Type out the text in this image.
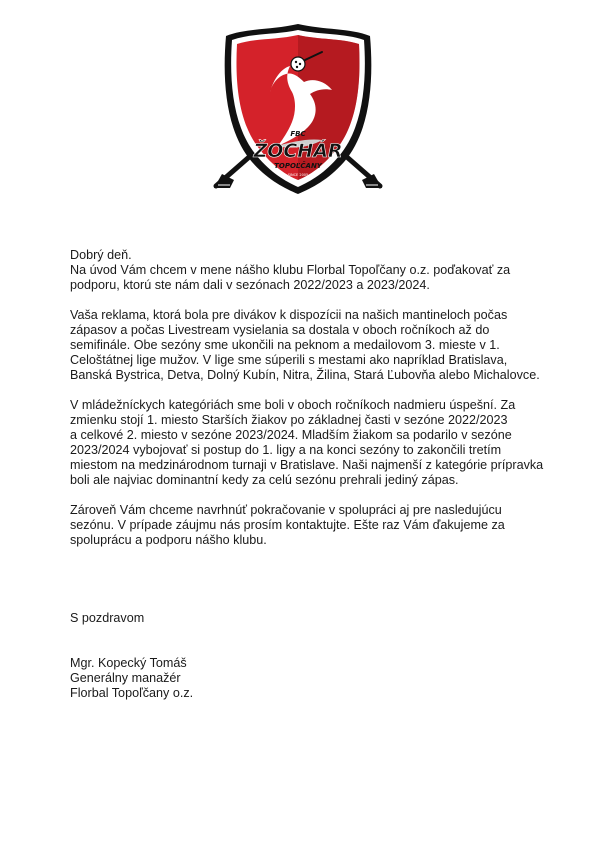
FBC
ŽOCHÁR
TOPOĽČANY
SINCE 2005

Dobrý deň.

Na úvod Vám chcem v mene nášho klubu Florbal Topoľčany o.z. poďakovať za

podporu, ktorú ste nám dali v sezónach 2022/2023 a 2023/2024.

Vaša reklama, ktorá bola pre divákov k dispozícii na našich mantineloch počas

zápasov a počas Livestream vysielania sa dostala v oboch ročníkoch až do

semifinále. Obe sezóny sme ukončili na peknom a medailovom 3. mieste v 1.

Celoštátnej lige mužov. V lige sme súperili s mestami ako napríklad Bratislava,

Banská Bystrica, Detva, Dolný Kubín, Nitra, Žilina, Stará Ľubovňa alebo Michalovce.

V mládežníckych kategóriách sme boli v oboch ročníkoch nadmieru úspešní. Za

zmienku stojí 1. miesto Starších žiakov po základnej časti v sezóne 2022/2023

a celkové 2. miesto v sezóne 2023/2024. Mladším žiakom sa podarilo v sezóne

2023/2024 vybojovať si postup do 1. ligy a na konci sezóny to zakončili tretím

miestom na medzinárodnom turnaji v Bratislave. Naši najmenší z kategórie prípravka

boli ale najviac dominantní kedy za celú sezónu prehrali jediný zápas.

Zároveň Vám chceme navrhnúť pokračovanie v spolupráci aj pre nasledujúcu

sezónu. V prípade záujmu nás prosím kontaktujte. Ešte raz Vám ďakujeme za

spoluprácu a podporu nášho klubu.

S pozdravom

Mgr. Kopecký Tomáš

Generálny manažér

Florbal Topoľčany o.z.
